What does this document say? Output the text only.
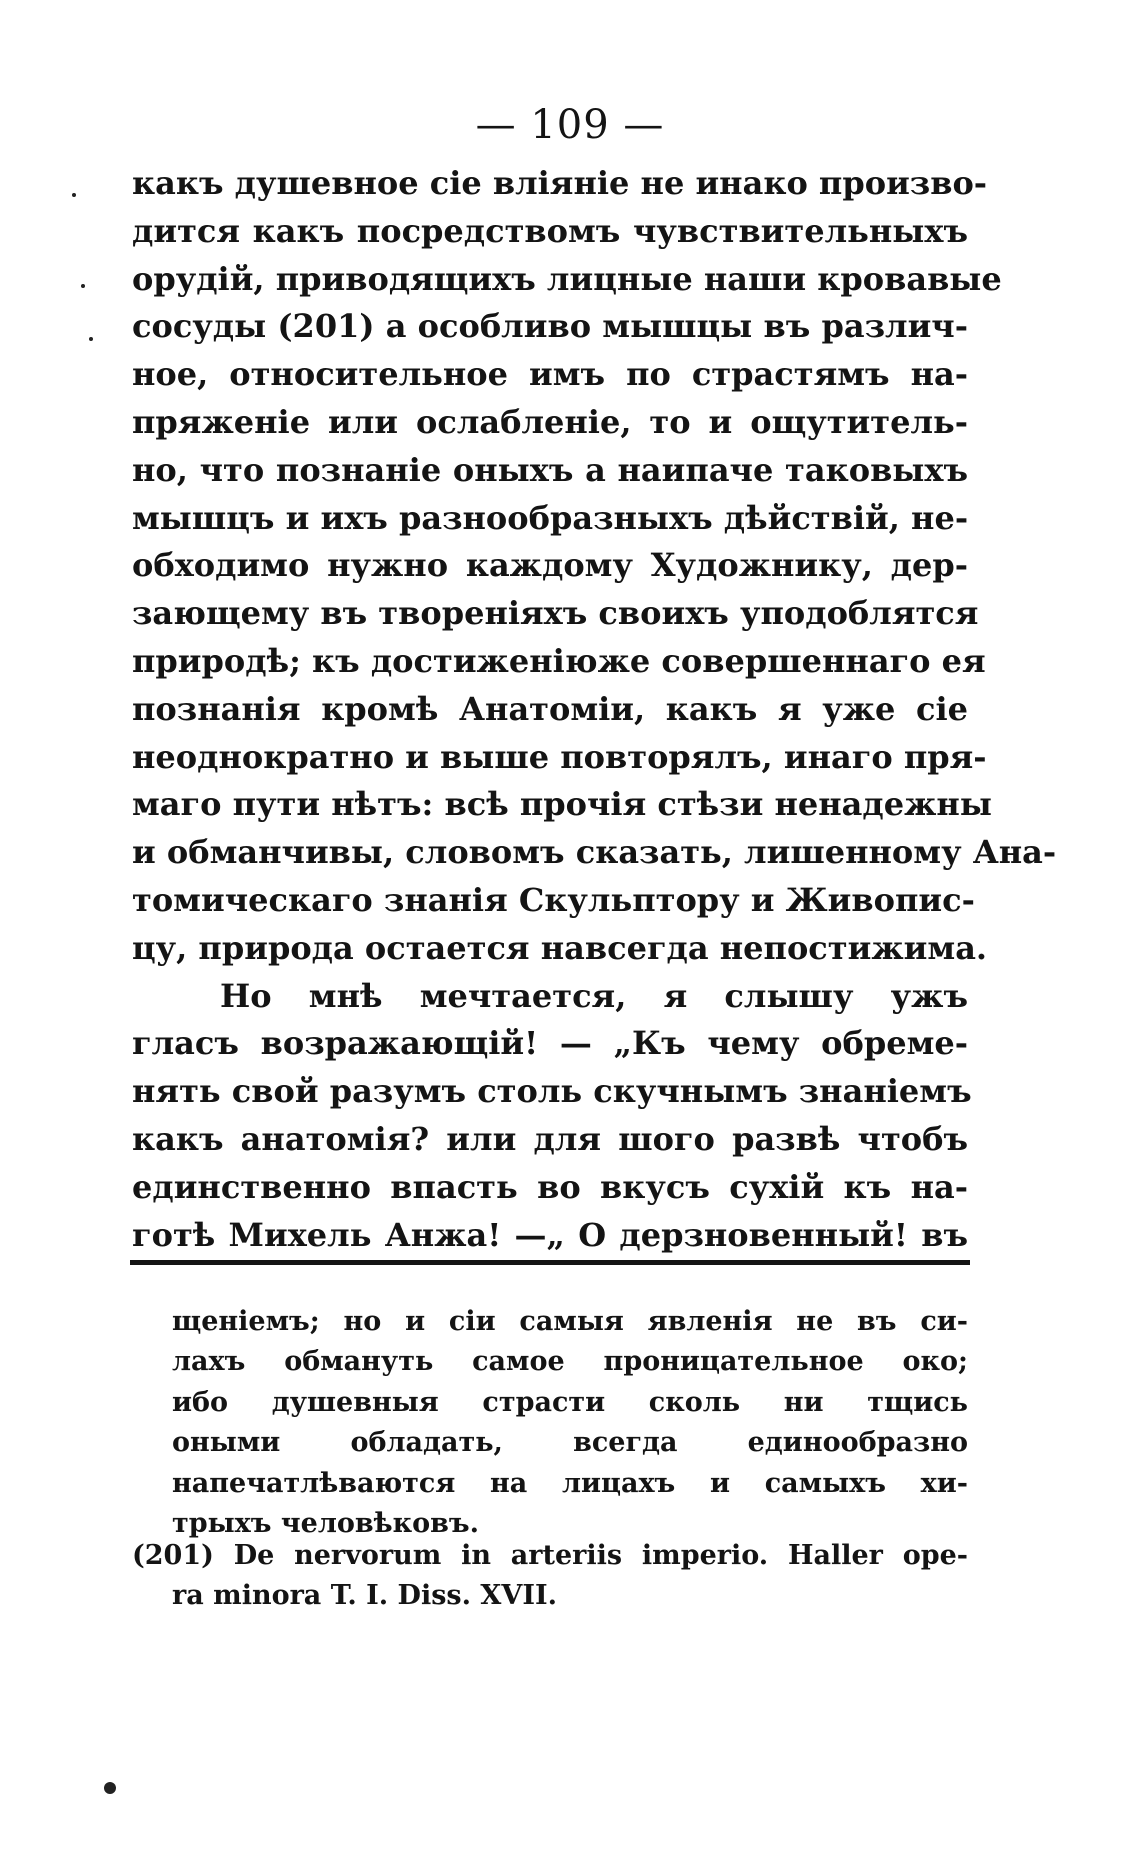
— 109 —
какъ душевное сіе вліяніе не инако произво-
дится какъ посредствомъ чувствительныхъ
орудій, приводящихъ лицные наши кровавые
сосуды (201) а особливо мышцы въ различ-
ное, относительное имъ по страстямъ на-
пряженіе или ослабленіе, то и ощутитель-
но, что познаніе оныхъ а наипаче таковыхъ
мышцъ и ихъ разнообразныхъ дѣйствій, не-
обходимо нужно каждому Художнику, дер-
зающему въ твореніяхъ своихъ уподоблятся
природѣ; къ достиженіюже совершеннаго ея
познанія кромѣ Анатоміи, какъ я уже сіе
неоднократно и выше повторялъ, инаго пря-
маго пути нѣтъ: всѣ прочія стѣзи ненадежны
и обманчивы, словомъ сказать, лишенному Ана-
томическаго знанія Скульптору и Живопис-
цу, природа остается навсегда непостижима.
Но мнѣ мечтается, я слышу ужъ
гласъ возражающій! — „Къ чему обреме-
нять свой разумъ столь скучнымъ знаніемъ
какъ анатомія? или для шого развѣ чтобъ
единственно впасть во вкусъ сухій къ на-
готѣ Михель Анжа! —„ О дерзновенный! въ
щеніемъ; но и сіи самыя явленія не въ си-
лахъ обмануть самое проницательное око;
ибо душевныя страсти сколь ни тщись
оными обладать, всегда единообразно
напечатлѣваются на лицахъ и самыхъ хи-
трыхъ человѣковъ.
(201) De nervorum in arteriis imperio. Haller ope-
ra minora T. I. Diss. XVII.
